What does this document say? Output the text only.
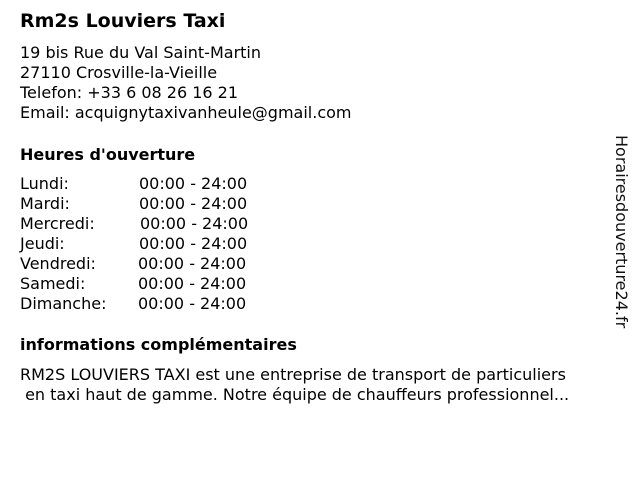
Rm2s Louviers Taxi
19 bis Rue du Val Saint-Martin
27110 Crosville-la-Vieille
Telefon: +33 6 08 26 16 21
Email: acquignytaxivanheule@gmail.com
Heures d'ouverture
Lundi:	00:00 - 24:00
Mardi:	00:00 - 24:00
Mercredi:	00:00 - 24:00
Jeudi:	00:00 - 24:00
Vendredi:	00:00 - 24:00
Samedi:	00:00 - 24:00
Dimanche: 00:00 - 24:00
informations complémentaires
RM2S LOUVIERS TAXI est une entreprise de transport de particuliers
en taxi haut de gamme. Notre équipe de chauffeurs professionnel...
Horairesdouverture24.fr
